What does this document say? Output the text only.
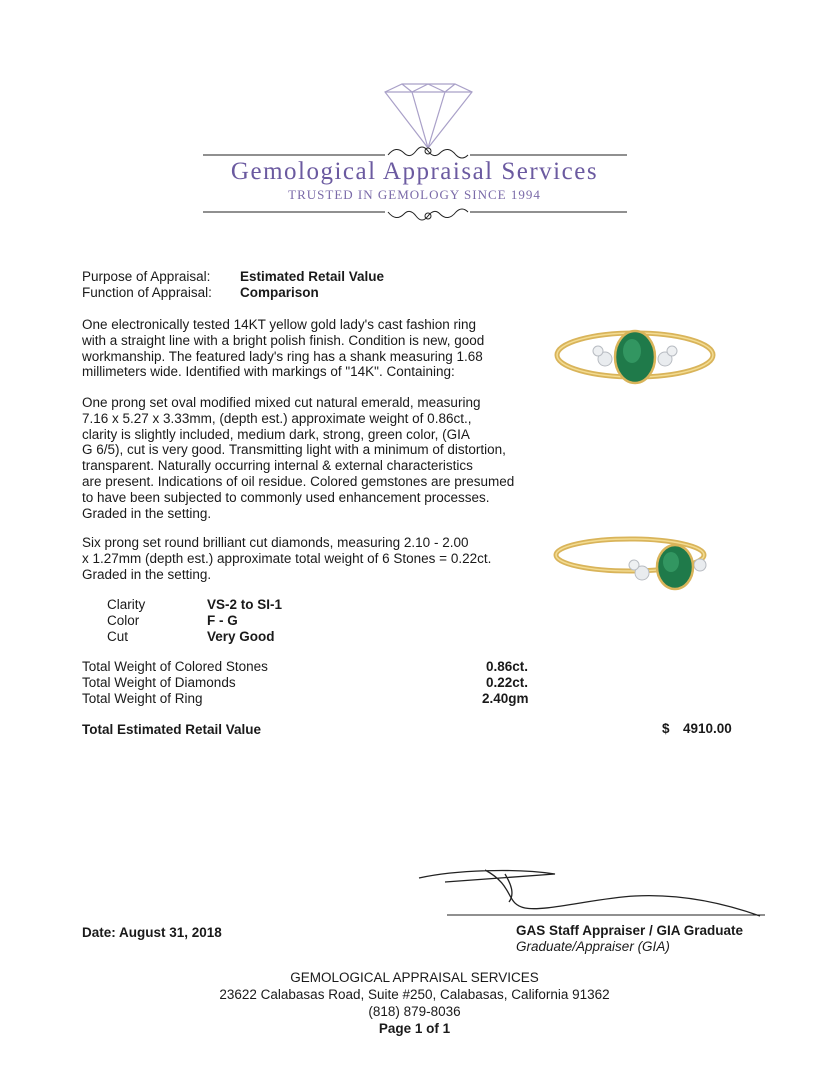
Gemological Appraisal Services
TRUSTED IN GEMOLOGY SINCE 1994
Purpose of Appraisal: Estimated Retail Value
Function of Appraisal: Comparison
One electronically tested 14KT yellow gold lady's cast fashion ring
with a straight line with a bright polish finish. Condition is new, good
workmanship. The featured lady's ring has a shank measuring 1.68
millimeters wide. Identified with markings of "14K". Containing:
One prong set oval modified mixed cut natural emerald, measuring
7.16 x 5.27 x 3.33mm, (depth est.) approximate weight of 0.86ct.,
clarity is slightly included, medium dark, strong, green color, (GIA
G 6/5), cut is very good. Transmitting light with a minimum of distortion,
transparent. Naturally occurring internal & external characteristics
are present. Indications of oil residue. Colored gemstones are presumed
to have been subjected to commonly used enhancement processes.
Graded in the setting.
Six prong set round brilliant cut diamonds, measuring 2.10 - 2.00
x 1.27mm (depth est.) approximate total weight of 6 Stones = 0.22ct.
Graded in the setting.
Clarity	VS-2 to SI-1
Color	F - G
Cut	Very Good
Total Weight of Colored Stones	0.86ct.
Total Weight of Diamonds	0.22ct.
Total Weight of Ring	2.40gm
Total Estimated Retail Value	$ 4910.00
Date: August 31, 2018	GAS Staff Appraiser / GIA Graduate
Graduate/Appraiser (GIA)
GEMOLOGICAL APPRAISAL SERVICES
23622 Calabasas Road, Suite #250, Calabasas, California 91362
(818) 879-8036
Page 1 of 1
